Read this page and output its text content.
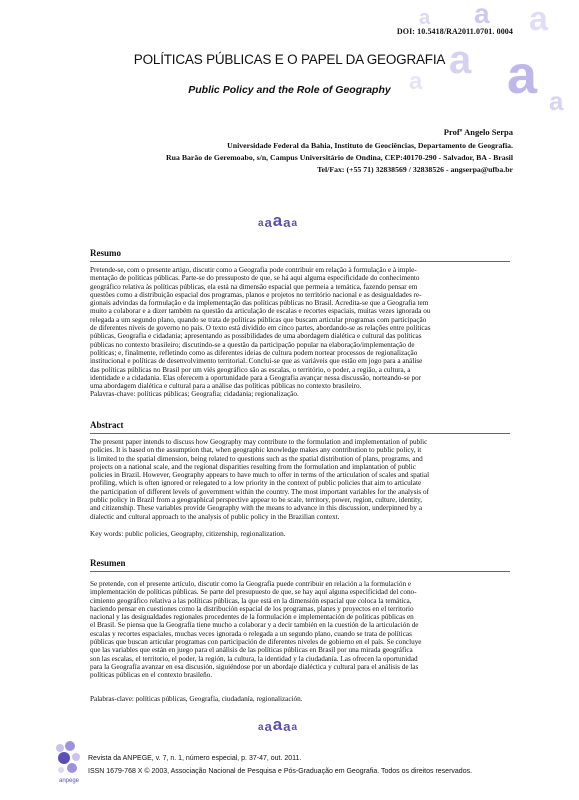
a a a
a a
a
a
DOI: 10.5418/RA2011.0701. 0004
POLÍTICAS PÚBLICAS E O PAPEL DA GEOGRAFIA
Public Policy and the Role of Geography
Profº Angelo Serpa
Universidade Federal da Bahia, Instituto de Geociências, Departamento de Geografia.
Rua Barão de Geremoabo, s/n, Campus Universitário de Ondina, CEP:40170-290 - Salvador, BA - Brasil
Tel/Fax: (+55 71) 32838569 / 32838526 - angserpa@ufba.br
a a a a a
Resumo
Pretende-se, com o presente artigo, discutir como a Geografia pode contribuir em relação à formulação e à imple-
mentação de políticas públicas. Parte-se do pressuposto de que, se há aqui alguma especificidade do conhecimento
geográfico relativa às políticas públicas, ela está na dimensão espacial que permeia a temática, fazendo pensar em
questões como a distribuição espacial dos programas, planos e projetos no território nacional e as desigualdades re-
gionais advindas da formulação e da implementação das políticas públicas no Brasil. Acredita-se que a Geografia tem
muito a colaborar e a dizer também na questão da articulação de escalas e recortes espaciais, muitas vezes ignorada ou
relegada a um segundo plano, quando se trata de políticas públicas que buscam articular programas com participação
de diferentes níveis de governo no país. O texto está dividido em cinco partes, abordando-se as relações entre políticas
públicas, Geografia e cidadania; apresentando as possibilidades de uma abordagem dialética e cultural das políticas
públicas no contexto brasileiro; discutindo-se a questão da participação popular na elaboração/implementação de
políticas; e, finalmente, refletindo como as diferentes ideias de cultura podem nortear processos de regionalização
institucional e políticas de desenvolvimento territorial. Conclui-se que as variáveis que estão em jogo para a análise
das políticas públicas no Brasil por um viés geográfico são as escalas, o território, o poder, a região, a cultura, a
identidade e a cidadania. Elas oferecem a oportunidade para a Geografia avançar nessa discussão, norteando-se por
uma abordagem dialética e cultural para a análise das políticas públicas no contexto brasileiro.
Palavras-chave: políticas públicas; Geografia; cidadania; regionalização.
Abstract
The present paper intends to discuss how Geography may contribute to the formulation and implementation of public
policies. It is based on the assumption that, when geographic knowledge makes any contribution to public policy, it
is limited to the spatial dimension, being related to questions such as the spatial distribution of plans, programs, and
projects on a national scale, and the regional disparities resulting from the formulation and implantation of public
policies in Brazil. However, Geography appears to have much to offer in terms of the articulation of scales and spatial
profiling, which is often ignored or relegated to a low priority in the context of public policies that aim to articulate
the participation of different levels of government within the country. The most important variables for the analysis of
public policy in Brazil from a geographical perspective appear to be scale, territory, power, region, culture, identity,
and citizenship. These variables provide Geography with the means to advance in this discussion, underpinned by a
dialectic and cultural approach to the analysis of public policy in the Brazilian context.
Key words: public policies, Geography, citizenship, regionalization.
Resumen
Se pretende, con el presente artículo, discutir como la Geografía puede contribuir en relación a la formulación e
implementación de políticas públicas. Se parte del presupuesto de que, se hay aquí alguna especificidad del cono-
cimiento geográfico relativa a las políticas públicas, la que está en la dimensión espacial que coloca la temática,
haciendo pensar en cuestiones como la distribución espacial de los programas, planes y proyectos en el territorio
nacional y las desigualdades regionales procedentes de la formulación e implementación de políticas públicas en
el Brasil. Se piensa que la Geografía tiene mucho a colaborar y a decir también en la cuestión de la articulación de
escalas y recortes espaciales, muchas veces ignorada o relegada a un segundo plano, cuando se trata de políticas
públicas que buscan articular programas con participación de diferentes niveles de gobierno en el país. Se concluye
que las variables que están en juego para el análisis de las políticas públicas en Brasil por una mirada geográfica
son las escalas, el territorio, el poder, la región, la cultura, la identidad y la ciudadanía. Las ofrecen la oportunidad
para la Geografía avanzar en esa discusión, siguiéndose por un abordaje dialéctica y cultural para el análisis de las
políticas públicas en el contexto brasileño.
Palabras-clave: políticas públicas, Geografía, ciudadanía, regionalización.
a a a a a
anpege
Revista da ANPEGE, v. 7, n. 1, número especial, p. 37-47, out. 2011.
ISSN 1679-768 X © 2003, Associação Nacional de Pesquisa e Pós-Graduação em Geografia. Todos os direitos reservados.
